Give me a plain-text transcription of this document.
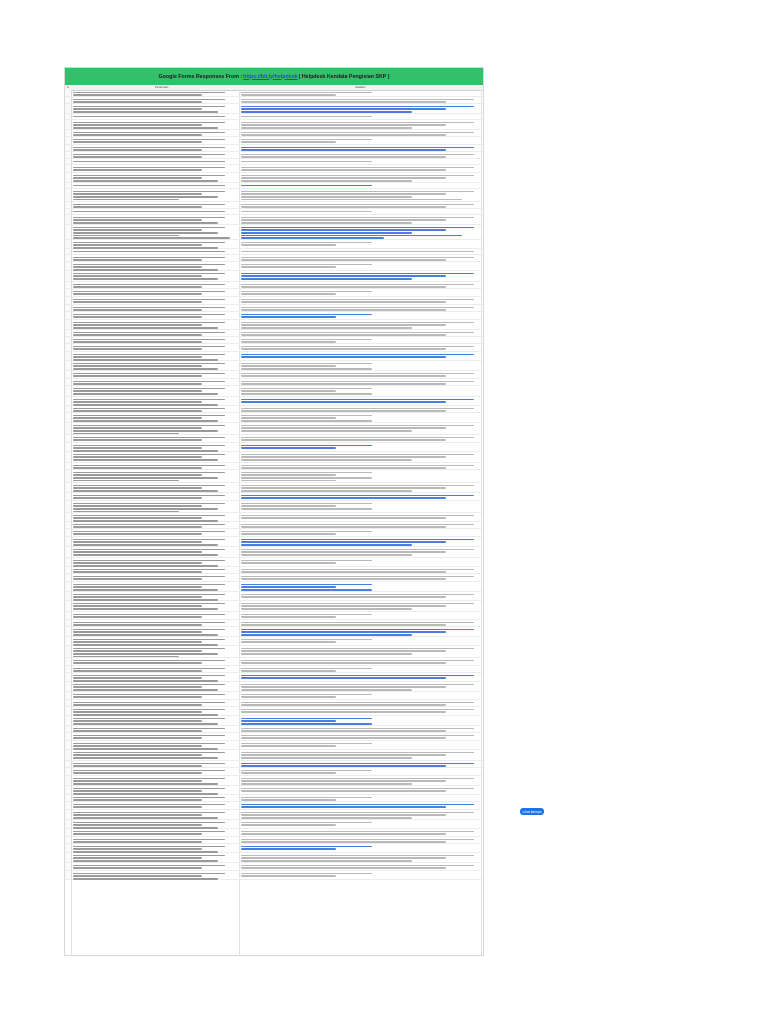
Google Forms Responses From : https://bit.ly/helpdesk ( Helpdesk Kendala Pengisian SKP )
A	Pertanyaan	Jawaban
Lihat lainnya
